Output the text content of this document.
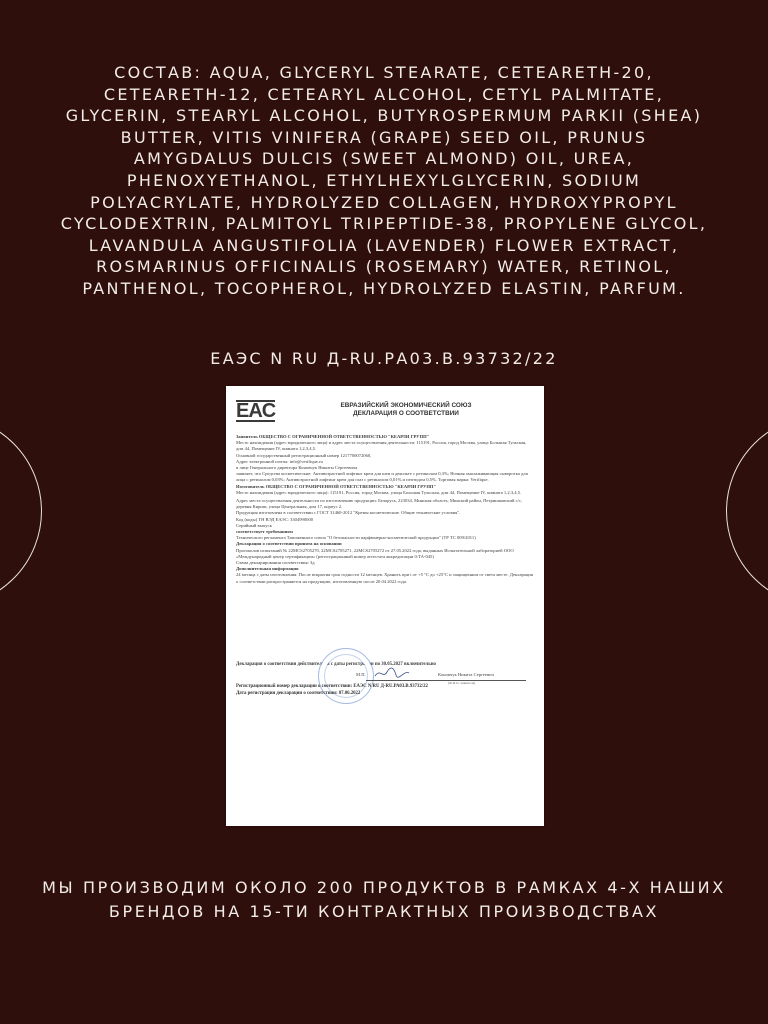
СОСТАВ: AQUA, GLYCERYL STEARATE, CETEARETH-20, CETEARETH-12, CETEARYL ALCOHOL, CETYL PALMITATE, GLYCERIN, STEARYL ALCOHOL, BUTYROSPERMUM PARKII (SHEA) BUTTER, VITIS VINIFERA (GRAPE) SEED OIL, PRUNUS AMYGDALUS DULCIS (SWEET ALMOND) OIL, UREA, PHENOXYETHANOL, ETHYLHEXYLGLYCERIN, SODIUM POLYACRYLATE, HYDROLYZED COLLAGEN, HYDROXYPROPYL CYCLODEXTRIN, PALMITOYL TRIPEPTIDE-38, PROPYLENE GLYCOL, LAVANDULA ANGUSTIFOLIA (LAVENDER) FLOWER EXTRACT, ROSMARINUS OFFICINALIS (ROSEMARY) WATER, RETINOL, PANTHENOL, TOCOPHEROL, HYDROLYZED ELASTIN, PARFUM.
ЕАЭС N RU Д-RU.РА03.В.93732/22
EAC	ЕВРАЗИЙСКИЙ ЭКОНОМИЧЕСКИЙ СОЮЗ
ДЕКЛАРАЦИЯ О СООТВЕТСТВИИ

Заявитель ОБЩЕСТВО С ОГРАНИЧЕННОЙ ОТВЕТСТВЕННОСТЬЮ "КЕАРЛИ ГРУПП"

Место нахождения (адрес юридического лица) и адрес места осуществления деятельности: 115191, Россия, город Москва, улица Большая Тульская, дом 44, Помещение IV, комната 1,2,3,4,5.

Основной государственный регистрационный номер 1217700072060,

Адрес электронной почты: info@verifique.ru

в лице Генерального директора Коновчук Никиты Сергеевича

заявляет, что Средства косметические: Антивозрастной лифтинг крем для шеи и декольте с ретинолом 0,3%; Ночная омолаживающая сыворотка для лица с ретинолом 0,03%; Антивозрастной лифтинг крем для глаз с ретинолом 0,01% и пептидом 0,5%. Торговая марка: Verifique.

Изготовитель ОБЩЕСТВО С ОГРАНИЧЕННОЙ ОТВЕТСТВЕННОСТЬЮ "КЕАРЛИ ГРУПП"

Место нахождения (адрес юридического лица): 115191, Россия, город Москва, улица Большая Тульская, дом 44, Помещение IV, комната 1,2,3,4,5.

Адрес места осуществления деятельности по изготовлению продукции: Беларусь, 223034, Минская область, Минский район, Петришковский с/с, деревня Кирши, улица Центральная, дом 17, корпус 2.

Продукция изготовлена в соответствии с ГОСТ 31460-2012 "Кремы косметические. Общие технические условия".

Код (коды) ТН ВЭД ЕАЭС: 3304990000

Серийный выпуск

соответствует требованиям

Технического регламента Таможенного союза "О безопасности парфюмерно-косметической продукции" (ТР ТС 009/2011)

Декларация о соответствии принята на основании

Протоколов испытаний № 22MCS2705270, 22MCS2705271, 22MCS2705272 от 27.05.2022 года, выданных Испытательной лабораторией ООО «Международный центр сертификации» (регистрационный номер аттестата аккредитации 0:ТА-045)

Схема декларирования соответствия: 3д

Дополнительная информация

24 месяца с даты изготовления. После вскрытия срок годности 12 месяцев. Хранить при t от +5 °С до +25°С и защищенном от света месте. Декларация о соответствии распространяется на продукцию, изготовленную после 20.04.2022 года.

Декларация о соответствии действительна с даты регистрации по 30.05.2027 включительно
М.П.	Коновчук Никита Сергеевич
(Ф.И.О. заявителя)

Регистрационный номер декларации о соответствии: ЕАЭС N RU Д-RU.РА03.В.93732/22

Дата регистрации декларации о соответствии: 07.06.2022

МЫ ПРОИЗВОДИМ ОКОЛО 200 ПРОДУКТОВ В РАМКАХ 4-Х НАШИХ БРЕНДОВ НА 15-ТИ КОНТРАКТНЫХ ПРОИЗВОДСТВАХ
